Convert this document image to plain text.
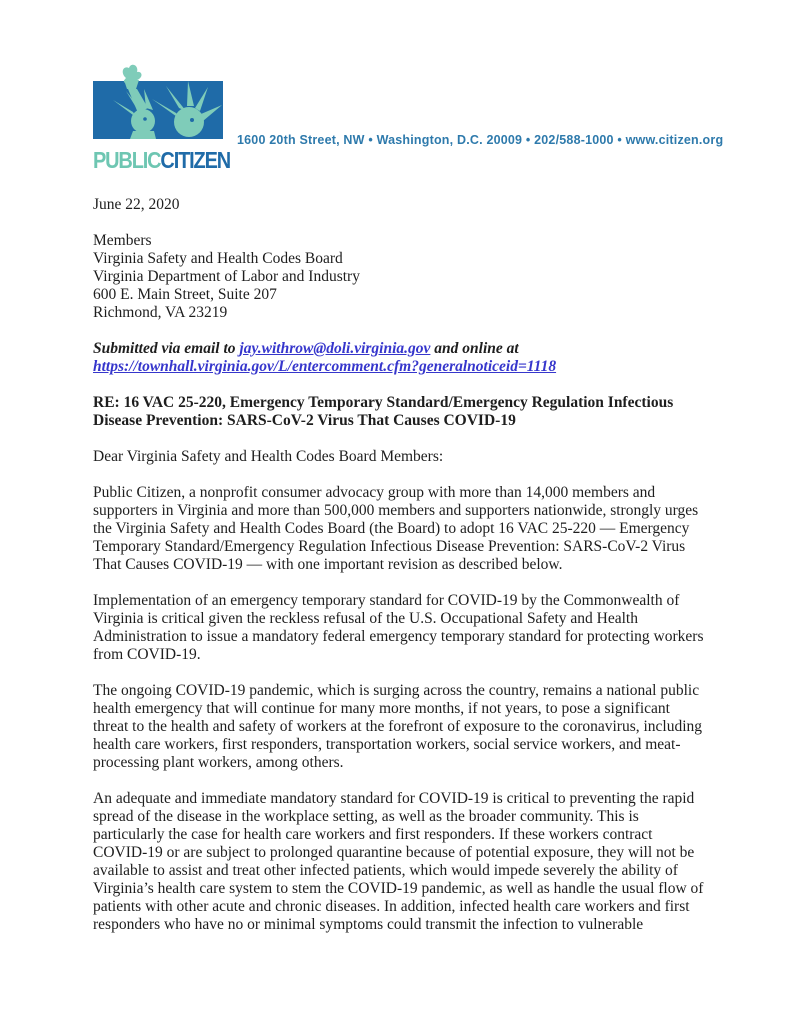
PUBLICCITIZEN
1600 20th Street, NW • Washington, D.C. 20009 • 202/588-1000 • www.citizen.org
June 22, 2020
Members
Virginia Safety and Health Codes Board
Virginia Department of Labor and Industry
600 E. Main Street, Suite 207
Richmond, VA 23219
Submitted via email to jay.withrow@doli.virginia.gov and online at https://townhall.virginia.gov/L/entercomment.cfm?generalnoticeid=1118
RE: 16 VAC 25-220, Emergency Temporary Standard/Emergency Regulation Infectious Disease Prevention: SARS-CoV-2 Virus That Causes COVID-19
Dear Virginia Safety and Health Codes Board Members:

Public Citizen, a nonprofit consumer advocacy group with more than 14,000 members and supporters in Virginia and more than 500,000 members and supporters nationwide, strongly urges the Virginia Safety and Health Codes Board (the Board) to adopt 16 VAC 25-220 — Emergency Temporary Standard/Emergency Regulation Infectious Disease Prevention: SARS-CoV-2 Virus That Causes COVID-19 — with one important revision as described below.

Implementation of an emergency temporary standard for COVID-19 by the Commonwealth of Virginia is critical given the reckless refusal of the U.S. Occupational Safety and Health Administration to issue a mandatory federal emergency temporary standard for protecting workers from COVID-19.

The ongoing COVID-19 pandemic, which is surging across the country, remains a national public health emergency that will continue for many more months, if not years, to pose a significant threat to the health and safety of workers at the forefront of exposure to the coronavirus, including health care workers, first responders, transportation workers, social service workers, and meat-processing plant workers, among others.

An adequate and immediate mandatory standard for COVID-19 is critical to preventing the rapid spread of the disease in the workplace setting, as well as the broader community. This is particularly the case for health care workers and first responders. If these workers contract COVID-19 or are subject to prolonged quarantine because of potential exposure, they will not be available to assist and treat other infected patients, which would impede severely the ability of Virginia’s health care system to stem the COVID-19 pandemic, as well as handle the usual flow of patients with other acute and chronic diseases. In addition, infected health care workers and first responders who have no or minimal symptoms could transmit the infection to vulnerable
